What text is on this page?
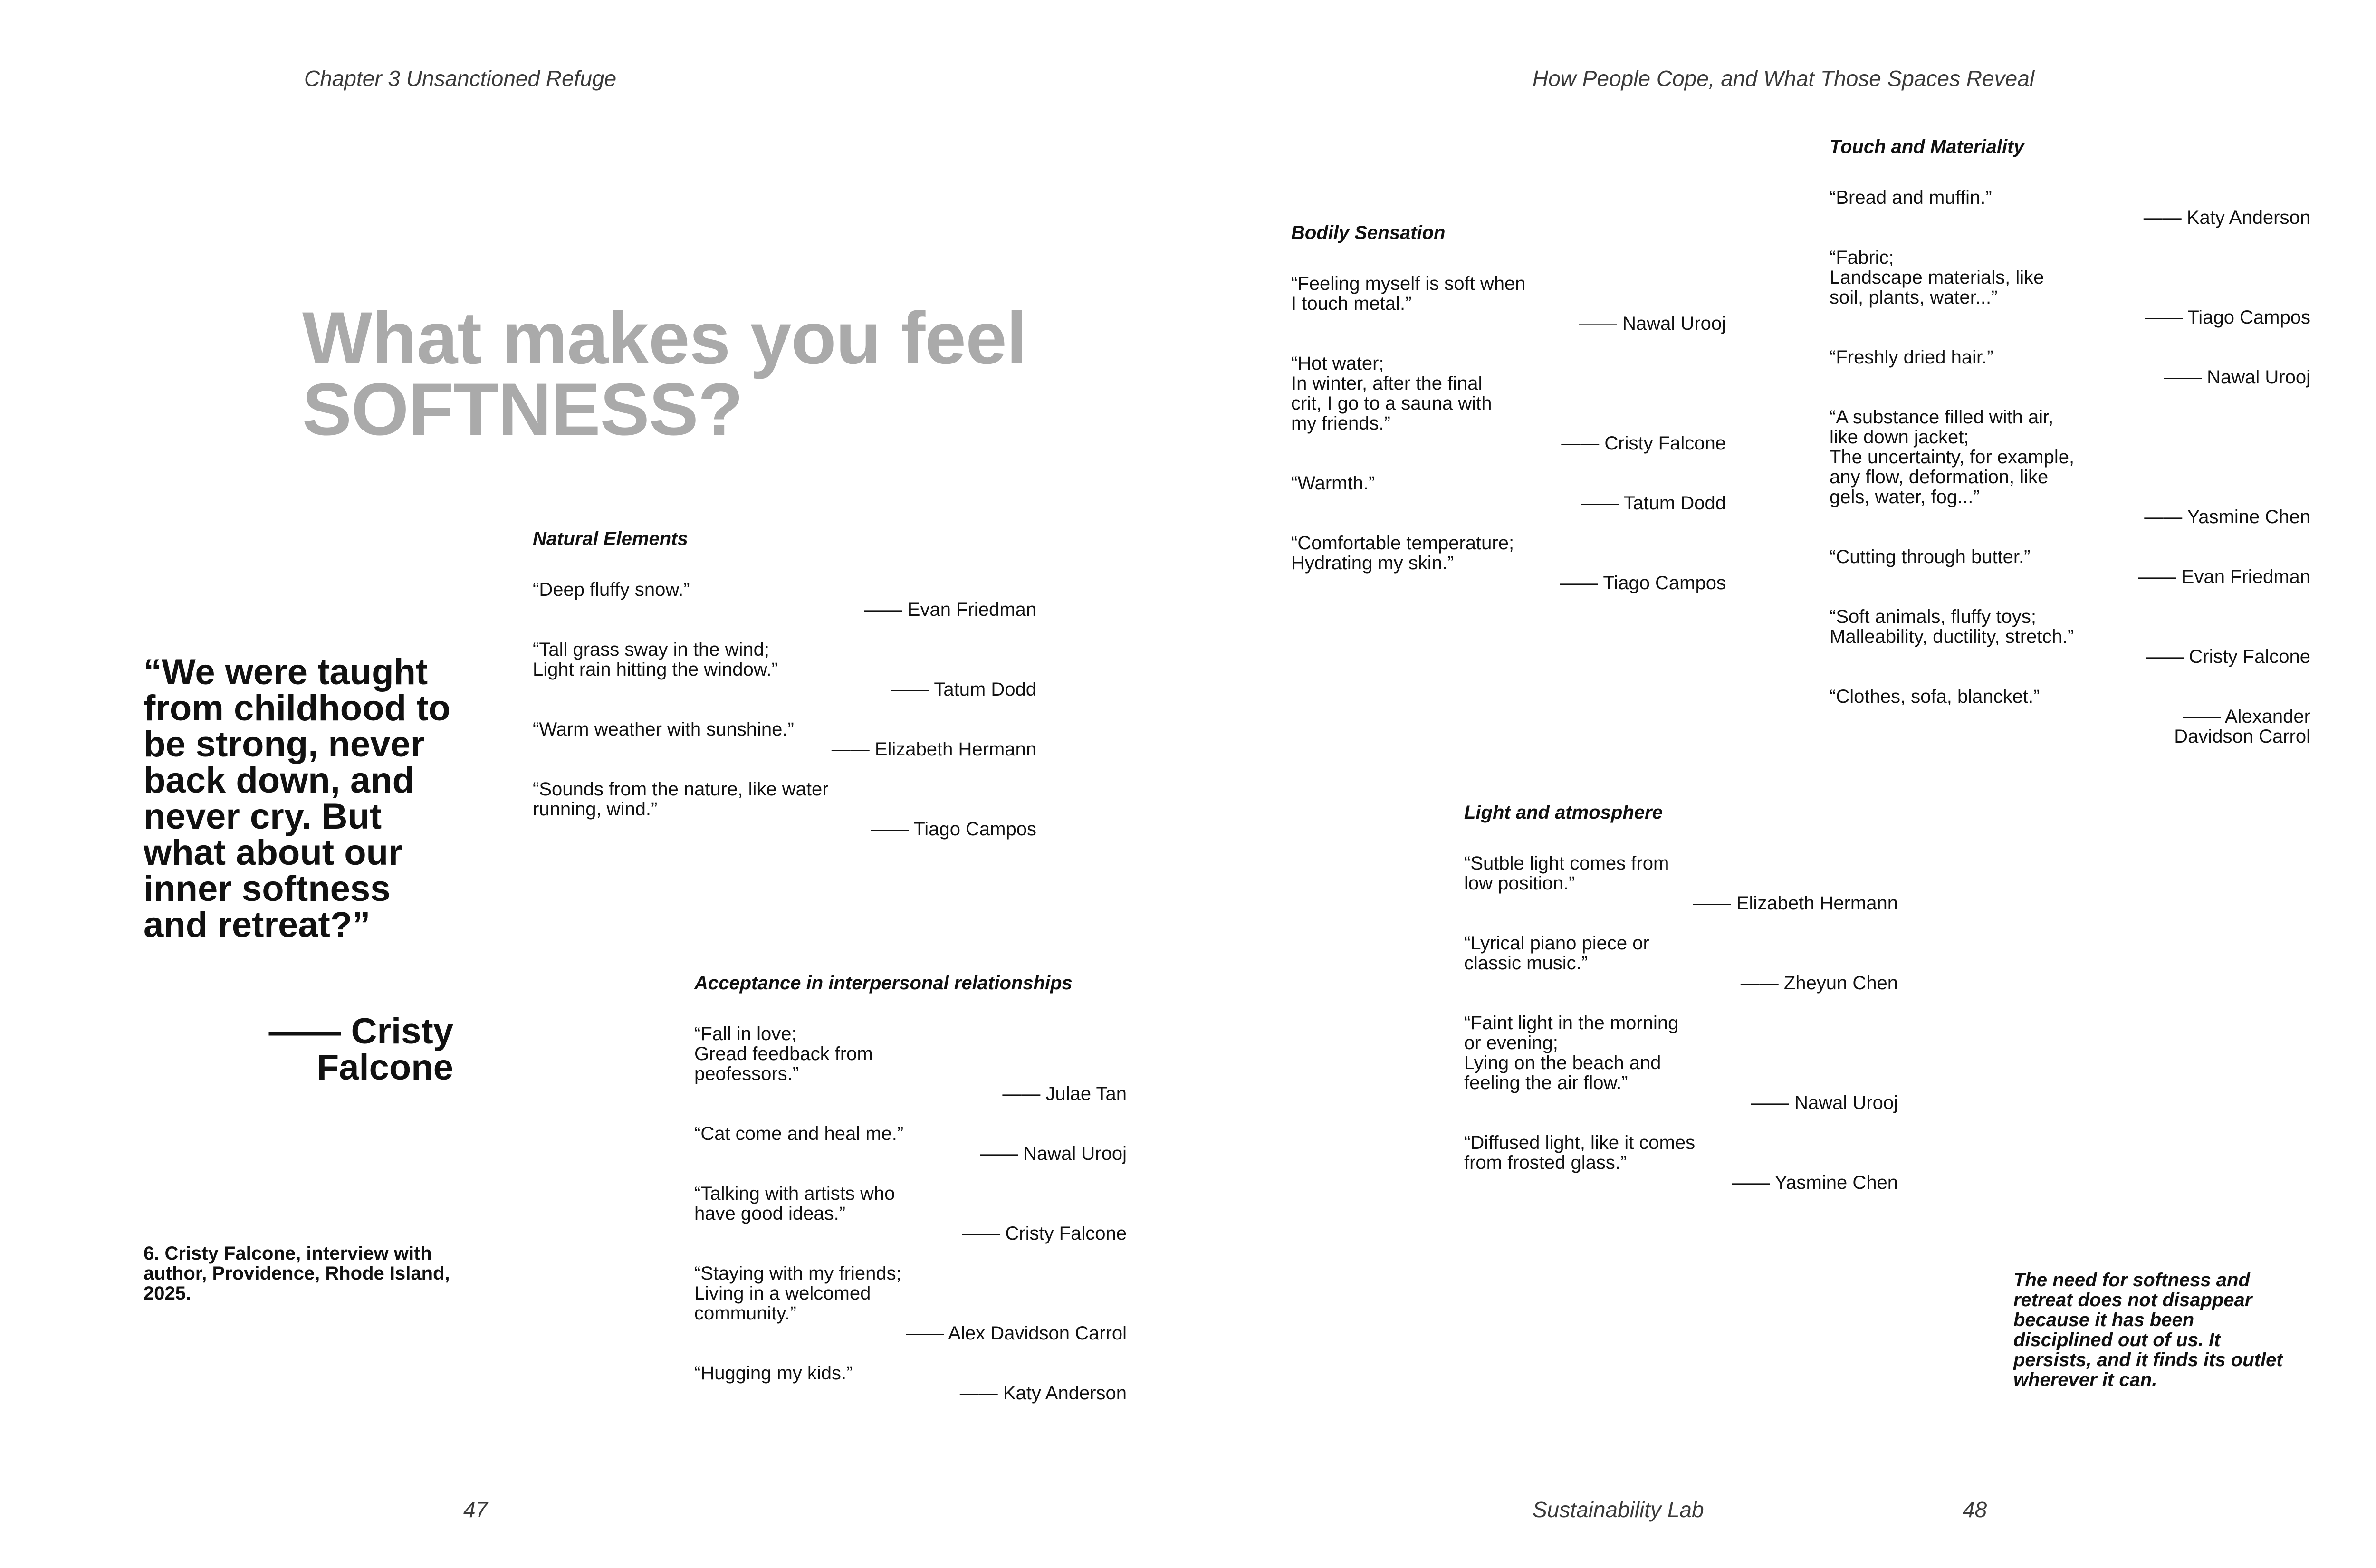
Chapter 3 Unsanctioned Refuge
What makes you feel
SOFTNESS?
“We were taught from childhood to be strong, never back down, and never cry. But what about our inner softness and retreat?”
—— Cristy Falcone
6. Cristy Falcone, interview with author, Providence, Rhode Island, 2025.
47
Natural Elements
“Deep fluffy snow.”
—— Evan Friedman
“Tall grass sway in the wind;
Light rain hitting the window.”
—— Tatum Dodd
“Warm weather with sunshine.”
—— Elizabeth Hermann
“Sounds from the nature, like water
running, wind.”
—— Tiago Campos
Acceptance in interpersonal relationships
“Fall in love;
Gread feedback from
peofessors.”
—— Julae Tan
“Cat come and heal me.”
—— Nawal Urooj
“Talking with artists who
have good ideas.”
—— Cristy Falcone
“Staying with my friends;
Living in a welcomed
community.”
—— Alex Davidson Carrol
“Hugging my kids.”
—— Katy Anderson
How People Cope, and What Those Spaces Reveal
Bodily Sensation
“Feeling myself is soft when
I touch metal.”
—— Nawal Urooj
“Hot water;
In winter, after the final
crit, I go to a sauna with
my friends.”
—— Cristy Falcone
“Warmth.”
—— Tatum Dodd
“Comfortable temperature;
Hydrating my skin.”
—— Tiago Campos
Touch and Materiality
“Bread and muffin.”
—— Katy Anderson
“Fabric;
Landscape materials, like
soil, plants, water...”
—— Tiago Campos
“Freshly dried hair.”
—— Nawal Urooj
“A substance filled with air,
like down jacket;
The uncertainty, for example,
any flow, deformation, like
gels, water, fog...”
—— Yasmine Chen
“Cutting through butter.”
—— Evan Friedman
“Soft animals, fluffy toys;
Malleability, ductility, stretch.”
—— Cristy Falcone
“Clothes, sofa, blancket.”
—— Alexander
Davidson Carrol
Light and atmosphere
“Sutble light comes from
low position.”
—— Elizabeth Hermann
“Lyrical piano piece or
classic music.”
—— Zheyun Chen
“Faint light in the morning
or evening;
Lying on the beach and
feeling the air flow.”
—— Nawal Urooj
“Diffused light, like it comes
from frosted glass.”
—— Yasmine Chen
The need for softness and retreat does not disappear because it has been disciplined out of us. It persists, and it finds its outlet wherever it can.
Sustainability Lab	48
